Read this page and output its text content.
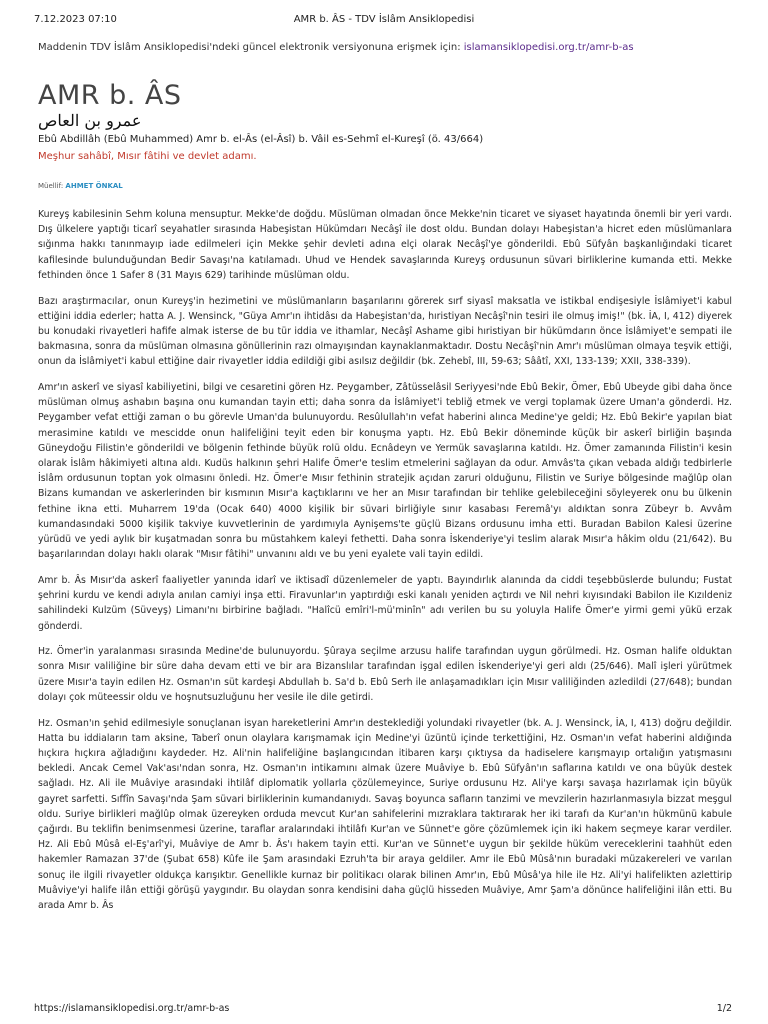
7.12.2023 07:10	AMR b. ÂS - TDV İslâm Ansiklopedisi
Maddenin TDV İslâm Ansiklopedisi'ndeki güncel elektronik versiyonuna erişmek için: islamansiklopedisi.org.tr/amr-b-as
AMR b. ÂS
عمرو بن العاص
Ebû Abdillâh (Ebû Muhammed) Amr b. el-Âs (el-Âsî) b. Vâil es-Sehmî el-Kureşî (ö. 43/664)
Meşhur sahâbî, Mısır fâtihi ve devlet adamı.
Müellif: AHMET ÖNKAL

Kureyş kabilesinin Sehm koluna mensuptur. Mekke'de doğdu. Müslüman olmadan önce Mekke'nin ticaret ve siyaset hayatında önemli bir yeri vardı. Dış ülkelere yaptığı ticarî seyahatler sırasında Habeşistan Hükümdarı Necâşî ile dost oldu. Bundan dolayı Habeşistan'a hicret eden müslümanlara sığınma hakkı tanınmayıp iade edilmeleri için Mekke şehir devleti adına elçi olarak Necâşî'ye gönderildi. Ebû Süfyân başkanlığındaki ticaret kafilesinde bulunduğundan Bedir Savaşı'na katılamadı. Uhud ve Hendek savaşlarında Kureyş ordusunun süvari birliklerine kumanda etti. Mekke fethinden önce 1 Safer 8 (31 Mayıs 629) tarihinde müslüman oldu.

Bazı araştırmacılar, onun Kureyş'in hezimetini ve müslümanların başarılarını görerek sırf siyasî maksatla ve istikbal endişesiyle İslâmiyet'i kabul ettiğini iddia ederler; hatta A. J. Wensinck, "Güya Amr'ın ihtidâsı da Habeşistan'da, hıristiyan Necâşî'nin tesiri ile olmuş imiş!" (bk. İA, I, 412) diyerek bu konudaki rivayetleri hafife almak isterse de bu tür iddia ve ithamlar, Necâşî Ashame gibi hıristiyan bir hükümdarın önce İslâmiyet'e sempati ile bakmasına, sonra da müslüman olmasına gönüllerinin razı olmayışından kaynaklanmaktadır. Dostu Necâşî'nin Amr'ı müslüman olmaya teşvik ettiği, onun da İslâmiyet'i kabul ettiğine dair rivayetler iddia edildiği gibi asılsız değildir (bk. Zehebî, III, 59-63; Sââtî, XXI, 133-139; XXII, 338-339).

Amr'ın askerî ve siyasî kabiliyetini, bilgi ve cesaretini gören Hz. Peygamber, Zâtüsselâsil Seriyyesi'nde Ebû Bekir, Ömer, Ebû Ubeyde gibi daha önce müslüman olmuş ashabın başına onu kumandan tayin etti; daha sonra da İslâmiyet'i tebliğ etmek ve vergi toplamak üzere Uman'a gönderdi. Hz. Peygamber vefat ettiği zaman o bu görevle Uman'da bulunuyordu. Resûlullah'ın vefat haberini alınca Medine'ye geldi; Hz. Ebû Bekir'e yapılan biat merasimine katıldı ve mescidde onun halifeliğini teyit eden bir konuşma yaptı. Hz. Ebû Bekir döneminde küçük bir askerî birliğin başında Güneydoğu Filistin'e gönderildi ve bölgenin fethinde büyük rolü oldu. Ecnâdeyn ve Yermük savaşlarına katıldı. Hz. Ömer zamanında Filistin'i kesin olarak İslâm hâkimiyeti altına aldı. Kudüs halkının şehri Halife Ömer'e teslim etmelerini sağlayan da odur. Amvâs'ta çıkan vebada aldığı tedbirlerle İslâm ordusunun toptan yok olmasını önledi. Hz. Ömer'e Mısır fethinin stratejik açıdan zaruri olduğunu, Filistin ve Suriye bölgesinde mağlûp olan Bizans kumandan ve askerlerinden bir kısmının Mısır'a kaçtıklarını ve her an Mısır tarafından bir tehlike gelebileceğini söyleyerek onu bu ülkenin fethine ikna etti. Muharrem 19'da (Ocak 640) 4000 kişilik bir süvari birliğiyle sınır kasabası Feremâ'yı aldıktan sonra Zübeyr b. Avvâm kumandasındaki 5000 kişilik takviye kuvvetlerinin de yardımıyla Aynişems'te güçlü Bizans ordusunu imha etti. Buradan Babilon Kalesi üzerine yürüdü ve yedi aylık bir kuşatmadan sonra bu müstahkem kaleyi fethetti. Daha sonra İskenderiye'yi teslim alarak Mısır'a hâkim oldu (21/642). Bu başarılarından dolayı haklı olarak "Mısır fâtihi" unvanını aldı ve bu yeni eyalete vali tayin edildi.

Amr b. Âs Mısır'da askerî faaliyetler yanında idarî ve iktisadî düzenlemeler de yaptı. Bayındırlık alanında da ciddi teşebbüslerde bulundu; Fustat şehrini kurdu ve kendi adıyla anılan camiyi inşa etti. Firavunlar'ın yaptırdığı eski kanalı yeniden açtırdı ve Nil nehri kıyısındaki Babilon ile Kızıldeniz sahilindeki Kulzüm (Süveyş) Limanı'nı birbirine bağladı. "Halîcü emîri'l-mü'minîn" adı verilen bu su yoluyla Halife Ömer'e yirmi gemi yükü erzak gönderdi.

Hz. Ömer'in yaralanması sırasında Medine'de bulunuyordu. Şûraya seçilme arzusu halife tarafından uygun görülmedi. Hz. Osman halife olduktan sonra Mısır valiliğine bir süre daha devam etti ve bir ara Bizanslılar tarafından işgal edilen İskenderiye'yi geri aldı (25/646). Malî işleri yürütmek üzere Mısır'a tayin edilen Hz. Osman'ın süt kardeşi Abdullah b. Sa'd b. Ebû Serh ile anlaşamadıkları için Mısır valiliğinden azledildi (27/648); bundan dolayı çok müteessir oldu ve hoşnutsuzluğunu her vesile ile dile getirdi.

Hz. Osman'ın şehid edilmesiyle sonuçlanan isyan hareketlerini Amr'ın desteklediği yolundaki rivayetler (bk. A. J. Wensinck, İA, I, 413) doğru değildir. Hatta bu iddiaların tam aksine, Taberî onun olaylara karışmamak için Medine'yi üzüntü içinde terkettiğini, Hz. Osman'ın vefat haberini aldığında hıçkıra hıçkıra ağladığını kaydeder. Hz. Ali'nin halifeliğine başlangıcından itibaren karşı çıktıysa da hadiselere karışmayıp ortalığın yatışmasını bekledi. Ancak Cemel Vak'ası'ndan sonra, Hz. Osman'ın intikamını almak üzere Muâviye b. Ebû Süfyân'ın saflarına katıldı ve ona büyük destek sağladı. Hz. Ali ile Muâviye arasındaki ihtilâf diplomatik yollarla çözülemeyince, Suriye ordusunu Hz. Ali'ye karşı savaşa hazırlamak için büyük gayret sarfetti. Sıffîn Savaşı'nda Şam süvari birliklerinin kumandanıydı. Savaş boyunca safların tanzimi ve mevzilerin hazırlanmasıyla bizzat meşgul oldu. Suriye birlikleri mağlûp olmak üzereyken orduda mevcut Kur'an sahifelerini mızraklara taktırarak her iki tarafı da Kur'an'ın hükmünü kabule çağırdı. Bu teklifin benimsenmesi üzerine, taraflar aralarındaki ihtilâfı Kur'an ve Sünnet'e göre çözümlemek için iki hakem seçmeye karar verdiler. Hz. Ali Ebû Mûsâ el-Eş'arî'yi, Muâviye de Amr b. Âs'ı hakem tayin etti. Kur'an ve Sünnet'e uygun bir şekilde hüküm vereceklerini taahhüt eden hakemler Ramazan 37'de (Şubat 658) Kûfe ile Şam arasındaki Ezruh'ta bir araya geldiler. Amr ile Ebû Mûsâ'nın buradaki müzakereleri ve varılan sonuç ile ilgili rivayetler oldukça karışıktır. Genellikle kurnaz bir politikacı olarak bilinen Amr'ın, Ebû Mûsâ'ya hile ile Hz. Ali'yi halifelikten azlettirip Muâviye'yi halife ilân ettiği görüşü yaygındır. Bu olaydan sonra kendisini daha güçlü hisseden Muâviye, Amr Şam'a dönünce halifeliğini ilân etti. Bu arada Amr b. Âs

https://islamansiklopedisi.org.tr/amr-b-as	1/2
